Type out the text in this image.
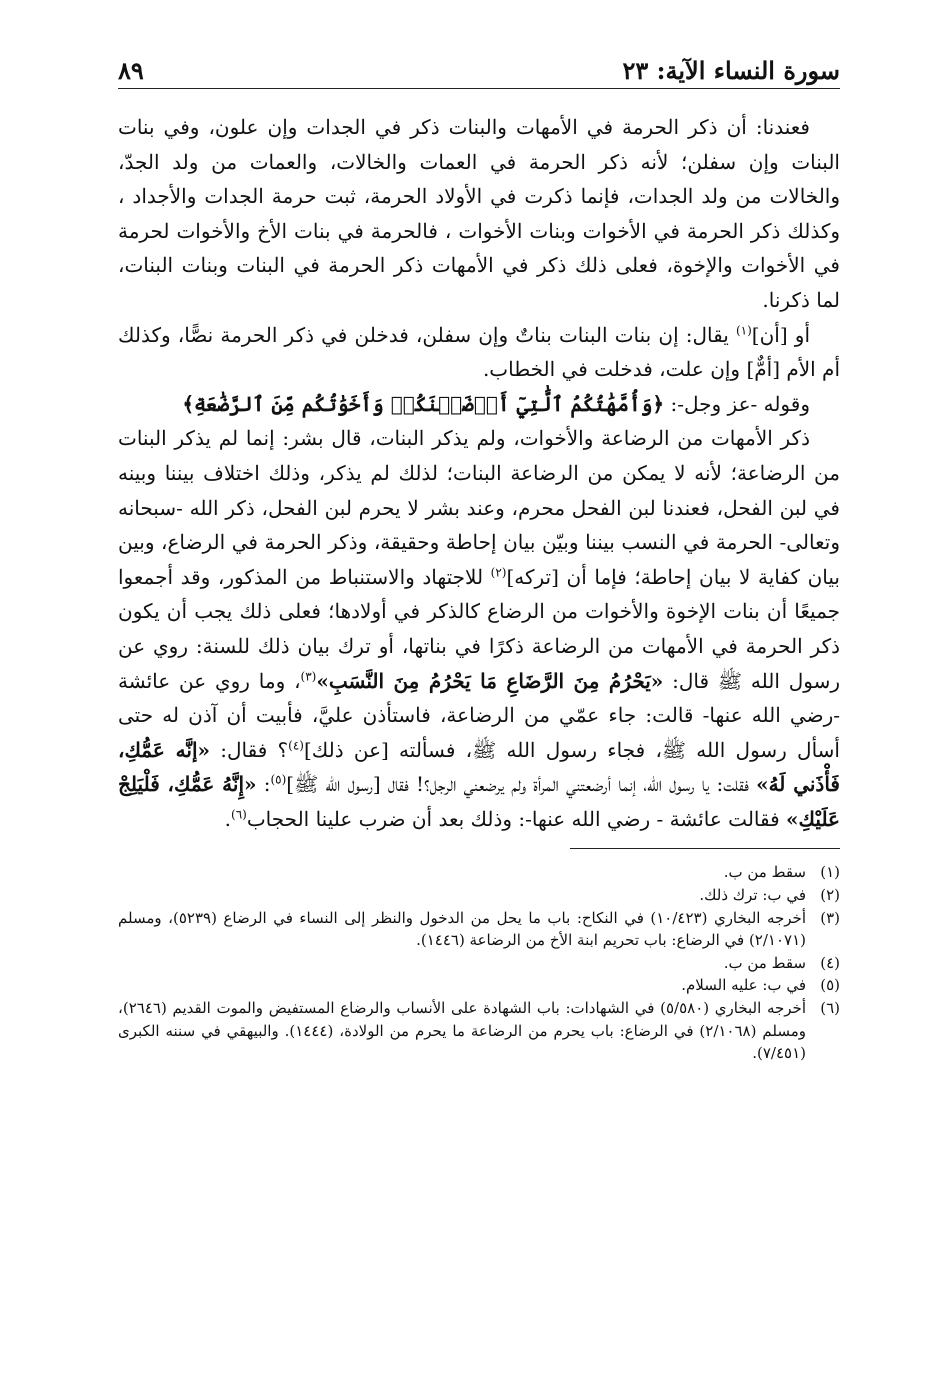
سورة النساء الآية: ٢٣
٨٩

فعندنا: أن ذكر الحرمة في الأمهات والبنات ذكر في الجدات وإن علون، وفي بنات البنات وإن سفلن؛ لأنه ذكر الحرمة في العمات والخالات، والعمات من ولد الجدّ، والخالات من ولد الجدات، فإنما ذكرت في الأولاد الحرمة، ثبت حرمة الجدات والأجداد ، وكذلك ذكر الحرمة في الأخوات وبنات الأخوات ، فالحرمة في بنات الأخ والأخوات لحرمة في الأخوات والإخوة، فعلى ذلك ذكر في الأمهات ذكر الحرمة في البنات وبنات البنات، لما ذكرنا.

أو [أن]$^{(١)}$ يقال: إن بنات البنات بناتٌ وإن سفلن، فدخلن في ذكر الحرمة نصًّا، وكذلك أم الأم [أمٌّ] وإن علت، فدخلت في الخطاب.

وقوله -عز وجل-: ﴿وَأُمَّهَٰتُكُمُ ٱلَّٰتِيٓ أَرۡضَعۡنَكُمۡ وَأَخَوَٰتُكُم مِّنَ ٱلرَّضَٰعَةِ﴾

ذكر الأمهات من الرضاعة والأخوات، ولم يذكر البنات، قال بشر: إنما لم يذكر البنات من الرضاعة؛ لأنه لا يمكن من الرضاعة البنات؛ لذلك لم يذكر، وذلك اختلاف بيننا وبينه في لبن الفحل، فعندنا لبن الفحل محرم، وعند بشر لا يحرم لبن الفحل، ذكر الله -سبحانه وتعالى- الحرمة في النسب بيننا وبيّن بيان إحاطة وحقيقة، وذكر الحرمة في الرضاع، وبين بيان كفاية لا بيان إحاطة؛ فإما أن [تركه]$^{(٢)}$ للاجتهاد والاستنباط من المذكور، وقد أجمعوا جميعًا أن بنات الإخوة والأخوات من الرضاع كالذكر في أولادها؛ فعلى ذلك يجب أن يكون ذكر الحرمة في الأمهات من الرضاعة ذكرًا في بناتها، أو ترك بيان ذلك للسنة: روي عن رسول الله ﷺ قال: «يَحْرُمُ مِنَ الرَّضَاعِ مَا يَحْرُمُ مِنَ النَّسَبِ»$^{(٣)}$، وما روي عن عائشة -رضي الله عنها- قالت: جاء عمّي من الرضاعة، فاستأذن عليَّ، فأبيت أن آذن له حتى أسأل رسول الله ﷺ، فجاء رسول الله ﷺ، فسألته [عن ذلك]$^{(٤)}$؟ فقال: «إنَّه عَمُّكِ، فَأْذَني لَهُ» فقلت: يا رسول الله، إنما أرضعتني المرأة ولم يرضعني الرجل؟! فقال [رسول الله ﷺ]$^{(٥)}$: «إِنَّهُ عَمُّكِ، فَلْيَلِجْ عَلَيْكِ» فقالت عائشة - رضي الله عنها-: وذلك بعد أن ضرب علينا الحجاب$^{(٦)}$.

(١)
سقط من ب.
(٢)
في ب: ترك ذلك.
(٣)
أخرجه البخاري (١٠/٤٢٣) في النكاح: باب ما يحل من الدخول والنظر إلى النساء في الرضاع (٥٢٣٩)، ومسلم (٢/١٠٧١) في الرضاع: باب تحريم ابنة الأخ من الرضاعة (١٤٤٦).
(٤)
سقط من ب.
(٥)
في ب: عليه السلام.
(٦)
أخرجه البخاري (٥/٥٨٠) في الشهادات: باب الشهادة على الأنساب والرضاع المستفيض والموت القديم (٢٦٤٦)، ومسلم (٢/١٠٦٨) في الرضاع: باب يحرم من الرضاعة ما يحرم من الولادة، (١٤٤٤). والبيهقي في سننه الكبرى (٧/٤٥١).
